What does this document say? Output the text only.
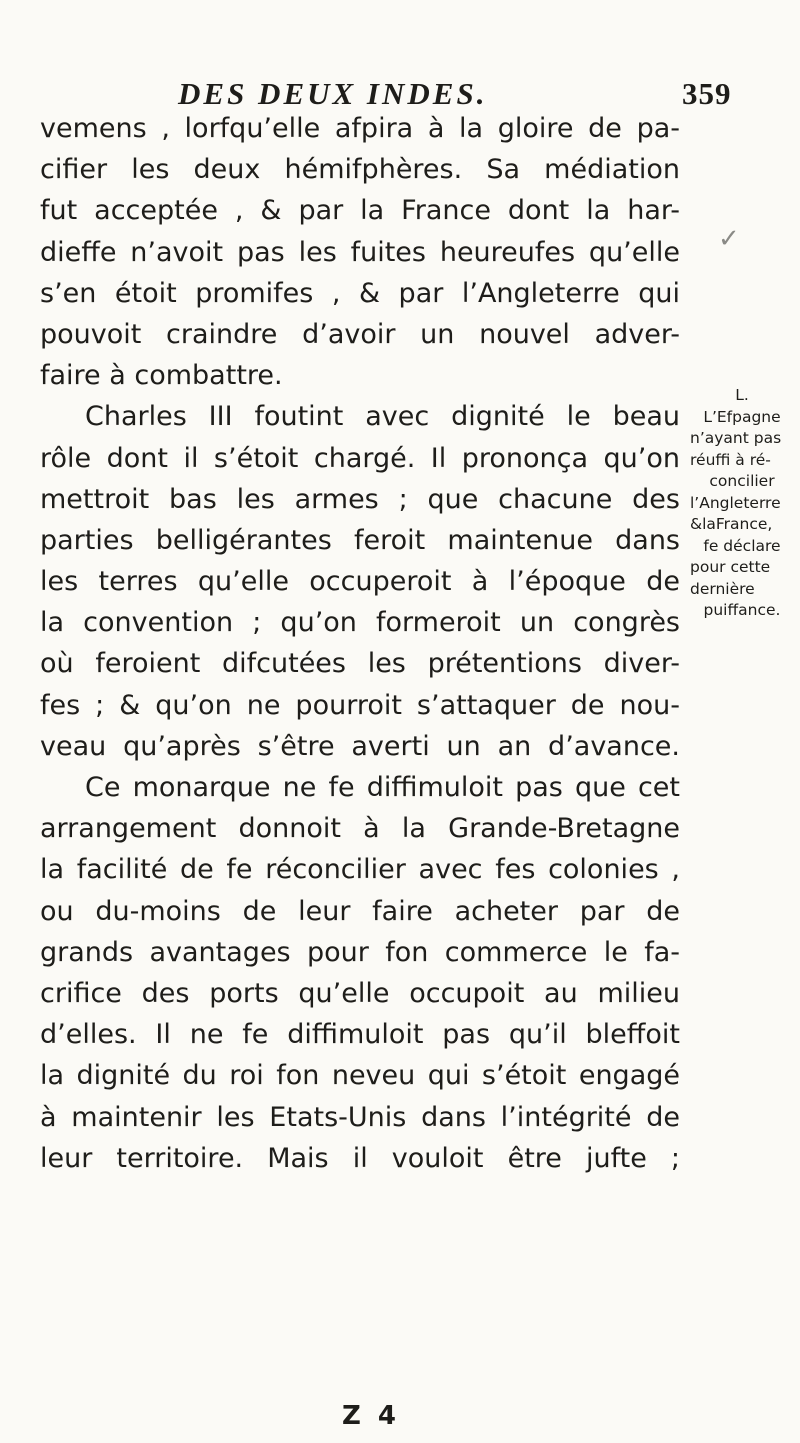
DES DEUX INDES.	359
vemens , lorfqu’elle afpira à la gloire de pa-
cifier les deux hémifphères. Sa médiation
fut acceptée , & par la France dont la har-
dieffe n’avoit pas les fuites heureufes qu’elle
s’en étoit promifes , & par l’Angleterre qui
pouvoit craindre d’avoir un nouvel adver-
faire à combattre.
Charles III foutint avec dignité le beau
rôle dont il s’étoit chargé. Il prononça qu’on
mettroit bas les armes ; que chacune des
parties belligérantes feroit maintenue dans
les terres qu’elle occuperoit à l’époque de
la convention ; qu’on formeroit un congrès
où feroient difcutées les prétentions diver-
fes ; & qu’on ne pourroit s’attaquer de nou-
veau qu’après s’être averti un an d’avance.
Ce monarque ne fe diffimuloit pas que cet
arrangement donnoit à la Grande-Bretagne
la facilité de fe réconcilier avec fes colonies ,
ou du-moins de leur faire acheter par de
grands avantages pour fon commerce le fa-
crifice des ports qu’elle occupoit au milieu
d’elles. Il ne fe diffimuloit pas qu’il bleffoit
la dignité du roi fon neveu qui s’étoit engagé
à maintenir les Etats-Unis dans l’intégrité de
leur territoire. Mais il vouloit être jufte ;
✓
L.
L’Efpagne
n’ayant pas
réuffi à ré-
concilier
l’Angleterre
&laFrance,
fe déclare
pour cette
dernière
puiffance.
Z 4
